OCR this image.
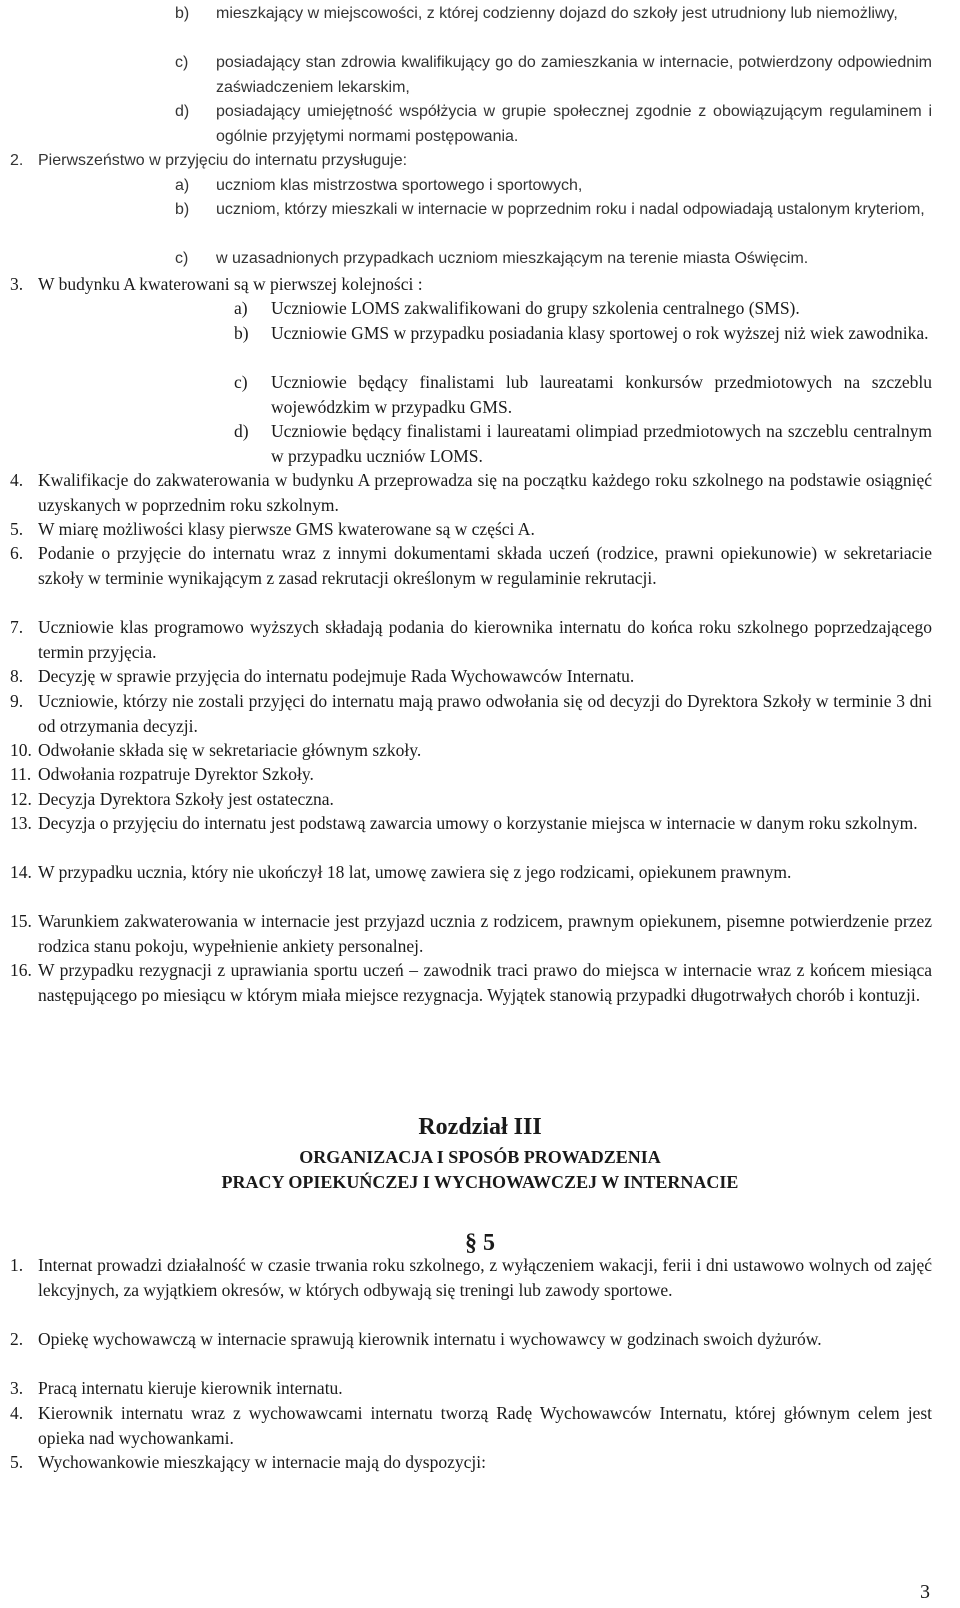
b)	mieszkający w miejscowości, z której codzienny dojazd do szkoły jest utrudniony lub niemożliwy,
c)	posiadający stan zdrowia kwalifikujący go do zamieszkania w internacie, potwierdzony odpowiednim zaświadczeniem lekarskim,
d)	posiadający umiejętność współżycia w grupie społecznej zgodnie z obowiązującym regulaminem i ogólnie przyjętymi normami postępowania.
2. Pierwszeństwo w przyjęciu do internatu przysługuje:
a)	uczniom klas mistrzostwa sportowego i sportowych,
b)	uczniom, którzy mieszkali w internacie w poprzednim roku i nadal odpowiadają ustalonym kryteriom,
c)	w uzasadnionych przypadkach uczniom mieszkającym na terenie miasta Oświęcim.
3. W budynku A kwaterowani są w pierwszej kolejności :
a)	Uczniowie LOMS zakwalifikowani do grupy szkolenia centralnego (SMS).
b)	Uczniowie GMS w przypadku posiadania klasy sportowej o rok wyższej niż wiek zawodnika.
c)	Uczniowie będący finalistami lub laureatami konkursów przedmiotowych na szczeblu wojewódzkim w przypadku GMS.
d)	Uczniowie będący finalistami i laureatami olimpiad przedmiotowych na szczeblu centralnym w przypadku uczniów LOMS.
4. Kwalifikacje do zakwaterowania w budynku A przeprowadza się na początku każdego roku szkolnego na podstawie osiągnięć uzyskanych w poprzednim roku szkolnym.
5. W miarę możliwości klasy pierwsze GMS kwaterowane są w części A.
6. Podanie o przyjęcie do internatu wraz z innymi dokumentami składa uczeń (rodzice, prawni opiekunowie) w sekretariacie szkoły w terminie wynikającym z zasad rekrutacji określonym w regulaminie rekrutacji.
7. Uczniowie klas programowo wyższych składają podania do kierownika internatu do końca roku szkolnego poprzedzającego termin przyjęcia.
8. Decyzję w sprawie przyjęcia do internatu podejmuje Rada Wychowawców Internatu.
9. Uczniowie, którzy nie zostali przyjęci do internatu mają prawo odwołania się od decyzji do Dyrektora Szkoły w terminie 3 dni od otrzymania decyzji.
10. Odwołanie składa się w sekretariacie głównym szkoły.
11. Odwołania rozpatruje Dyrektor Szkoły.
12. Decyzja Dyrektora Szkoły jest ostateczna.
13. Decyzja o przyjęciu do internatu jest podstawą zawarcia umowy o korzystanie miejsca w internacie w danym roku szkolnym.
14. W przypadku ucznia, który nie ukończył 18 lat, umowę zawiera się z jego rodzicami, opiekunem prawnym.
15. Warunkiem zakwaterowania w internacie jest przyjazd ucznia z rodzicem, prawnym opiekunem, pisemne potwierdzenie przez rodzica stanu pokoju, wypełnienie ankiety personalnej.
16. W przypadku rezygnacji z uprawiania sportu uczeń – zawodnik traci prawo do miejsca w internacie wraz z końcem miesiąca następującego po miesiącu w którym miała miejsce rezygnacja. Wyjątek stanowią przypadki długotrwałych chorób i kontuzji.
Rozdział III
ORGANIZACJA I SPOSÓB PROWADZENIA
PRACY OPIEKUŃCZEJ I WYCHOWAWCZEJ W INTERNACIE
§ 5
1. Internat prowadzi działalność w czasie trwania roku szkolnego, z wyłączeniem wakacji, ferii i dni ustawowo wolnych od zajęć lekcyjnych, za wyjątkiem okresów, w których odbywają się treningi lub zawody sportowe.
2. Opiekę wychowawczą w internacie sprawują kierownik internatu i wychowawcy w godzinach swoich dyżurów.
3. Pracą internatu kieruje kierownik internatu.
4. Kierownik internatu wraz z wychowawcami internatu tworzą Radę Wychowawców Internatu, której głównym celem jest opieka nad wychowankami.
5. Wychowankowie mieszkający w internacie mają do dyspozycji:
3
